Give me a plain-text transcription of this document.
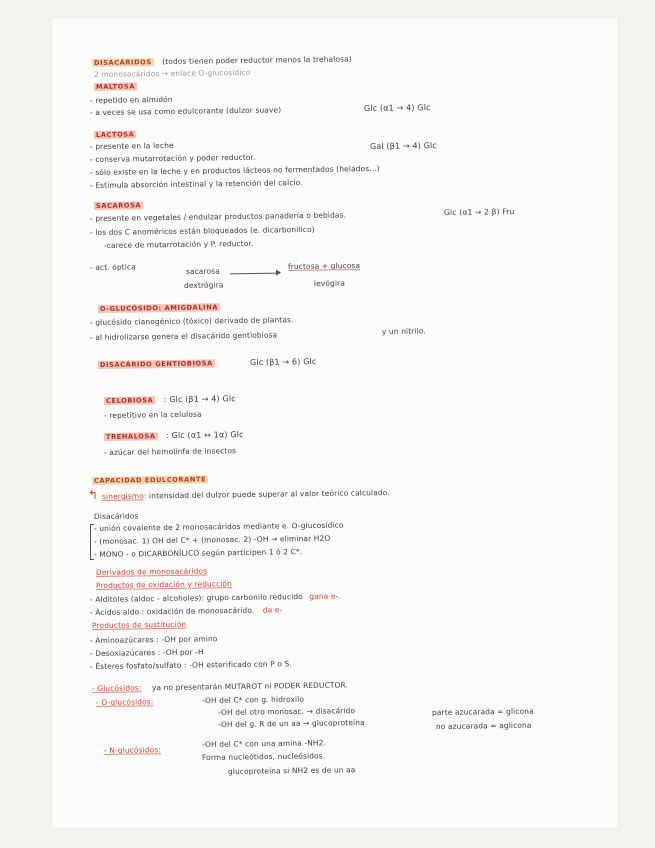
DISACÁRIDOS (todos tienen poder reductor menos la trehalosa)
2 monosacáridos → enlace O-glucosídico
MALTOSA
- repetido en almidón
- a veces se usa como edulcorante (dulzor suave)	Glc (α1 → 4) Glc
LACTOSA
- presente en la leche	Gal (β1 → 4) Glc
- conserva mutarrotación y poder reductor.
- sólo existe en la leche y en productos lácteos no fermentados (helados...)
- Estimula absorción intestinal y la retención del calcio.
SACAROSA
- presente en vegetales / endulzar productos panadería o bebidas.	Glc (α1 → 2 β) Fru
- los dos C anoméricos están bloqueados (e. dicarbonílico)
-carece de mutarrotación y P. reductor.
- act. óptica	sacarosa
dextrógira
fructosa + glucosa
levógira
O-GLUCÓSIDO: AMIGDALINA
- glucósido cianogénico (tóxico) derivado de plantas.
- al hidrolizarse genera el disacárido gentiobiosa	y un nitrilo.
DISACÁRIDO GENTIOBIOSA	Glc (β1 → 6) Glc
CELOBIOSA : Glc (β1 → 4) Glc
- repetitivo en la celulosa
TREHALOSA : Glc (α1 ↔ 1α) Glc
- azúcar del hemolinfa de insectos
CAPACIDAD EDULCORANTE
↰ sinergismo: intensidad del dulzor puede superar al valor teórico calculado.
Disacáridos
- unión covalente de 2 monosacáridos mediante e. O-glucosídico
- (monosac. 1) OH del C* + (monosac. 2) -OH → eliminar H2O
- MONO - o DICARBONÍLICO según participen 1 ó 2 C*.
Derivados de monosacáridos
Productos de oxidación y reducción
- Alditoles (aldoc - alcoholes): grupo carbonilo reducido gana e-.
- Ácidos aldo : oxidación de monosacárido. da e-
Productos de sustitución
- Aminoazúcares : -OH por amino
- Desoxiazúcares : -OH por -H
- Ésteres fosfato/sulfato : -OH esterificado con P o S.
- Glucósidos: ya no presentarán MUTAROT ni PODER REDUCTOR.
- O-glucósidos:	-OH del C* con g. hidroxilo
-OH del otro monosac. → disacárido
-OH del g. R de un aa → glucoproteína
parte azucarada = glicona
no azucarada = aglicona
- N-glucósidos:
-OH del C* con una amina -NH2.
Forma nucleótidos, nucleósidos.
glucoproteína si NH2 es de un aa
